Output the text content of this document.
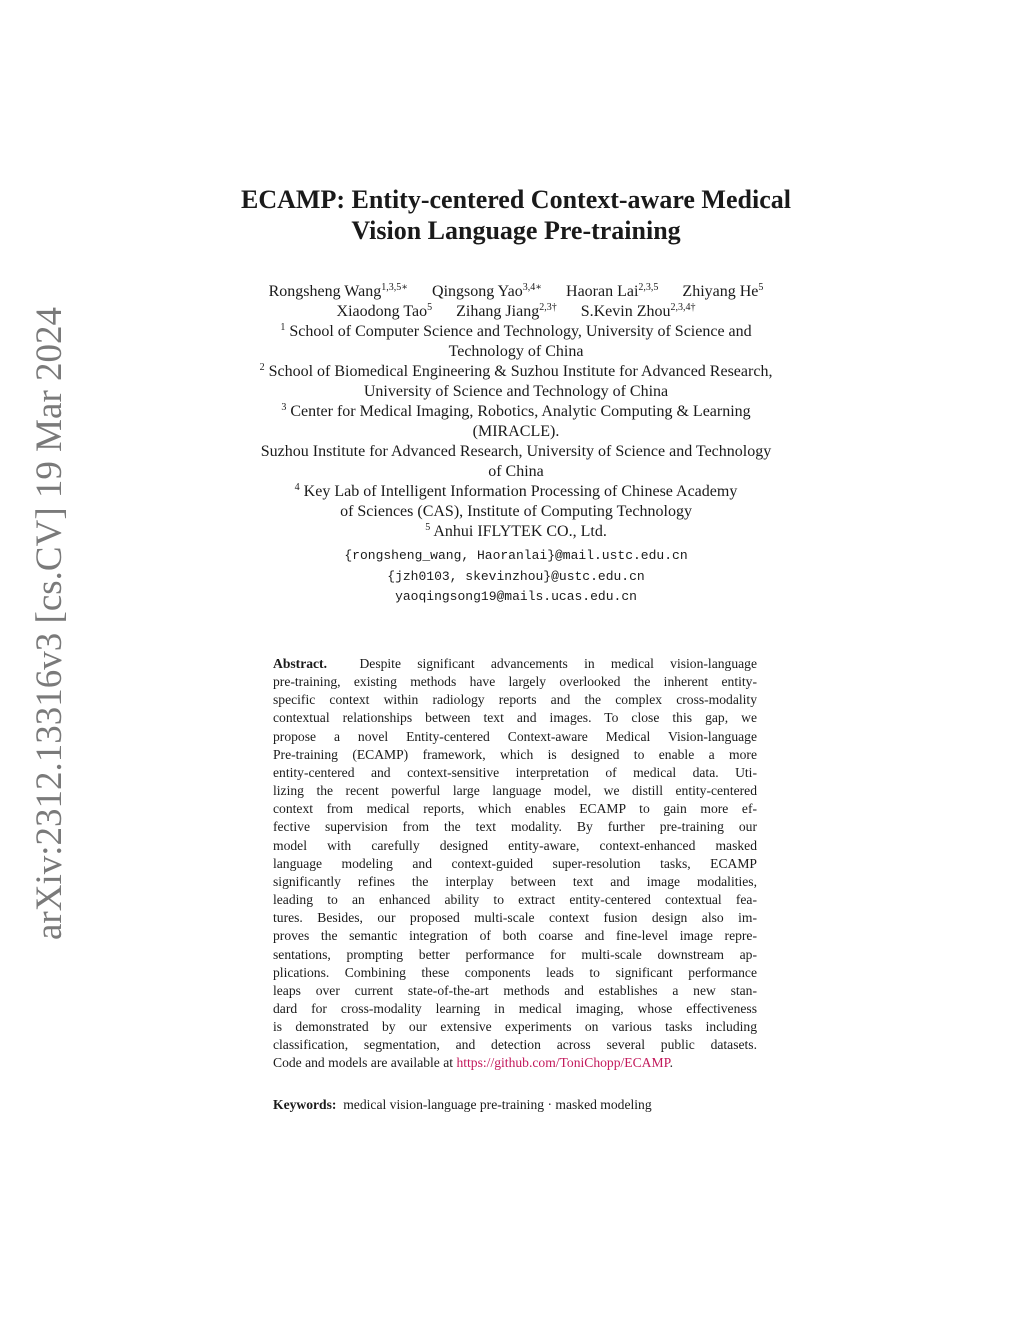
arXiv:2312.13316v3 [cs.CV] 19 Mar 2024
ECAMP: Entity-centered Context-aware Medical
Vision Language Pre-training
Rongsheng Wang$^{1,3,5∗}$ Qingsong Yao$^{3,4∗}$ Haoran Lai$^{2,3,5}$ Zhiyang He$^5$
Xiaodong Tao$^5$ Zihang Jiang$^{2,3\dagger}$ S.Kevin Zhou$^{2,3,4\dagger}$
$^1$ School of Computer Science and Technology, University of Science and
Technology of China
$^2$ School of Biomedical Engineering & Suzhou Institute for Advanced Research,
University of Science and Technology of China
$^3$ Center for Medical Imaging, Robotics, Analytic Computing & Learning
(MIRACLE).
Suzhou Institute for Advanced Research, University of Science and Technology
of China
$^4$ Key Lab of Intelligent Information Processing of Chinese Academy
of Sciences (CAS), Institute of Computing Technology
$^5$ Anhui IFLYTEK CO., Ltd.
{rongsheng_wang, Haoranlai}@mail.ustc.edu.cn
{jzh0103, skevinzhou}@ustc.edu.cn
yaoqingsong19@mails.ucas.edu.cn
Abstract. Despite significant advancements in medical vision-language
pre-training, existing methods have largely overlooked the inherent entity-
specific context within radiology reports and the complex cross-modality
contextual relationships between text and images. To close this gap, we
propose a novel Entity-centered Context-aware Medical Vision-language
Pre-training (ECAMP) framework, which is designed to enable a more
entity-centered and context-sensitive interpretation of medical data. Uti-
lizing the recent powerful large language model, we distill entity-centered
context from medical reports, which enables ECAMP to gain more ef-
fective supervision from the text modality. By further pre-training our
model with carefully designed entity-aware, context-enhanced masked
language modeling and context-guided super-resolution tasks, ECAMP
significantly refines the interplay between text and image modalities,
leading to an enhanced ability to extract entity-centered contextual fea-
tures. Besides, our proposed multi-scale context fusion design also im-
proves the semantic integration of both coarse and fine-level image repre-
sentations, prompting better performance for multi-scale downstream ap-
plications. Combining these components leads to significant performance
leaps over current state-of-the-art methods and establishes a new stan-
dard for cross-modality learning in medical imaging, whose effectiveness
is demonstrated by our extensive experiments on various tasks including
classification, segmentation, and detection across several public datasets.
Code and models are available at https://github.com/ToniChopp/ECAMP.
Keywords: medical vision-language pre-training · masked modeling
